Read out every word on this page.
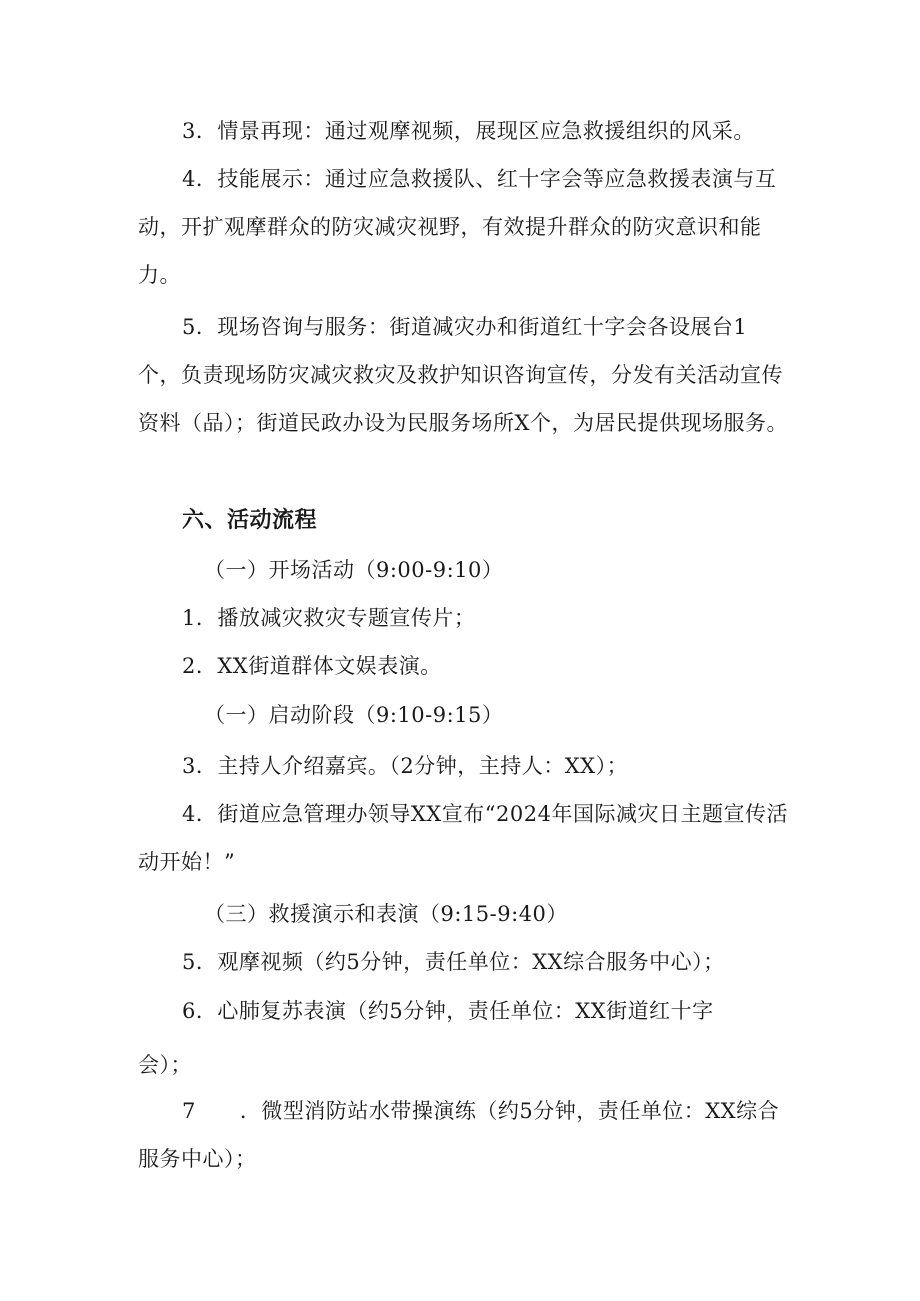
3．情景再现：通过观摩视频，展现区应急救援组织的风采。

4．技能展示：通过应急救援队、红十字会等应急救援表演与互动，开扩观摩群众的防灾减灾视野，有效提升群众的防灾意识和能力。

5．现场咨询与服务：街道减灾办和街道红十字会各设展台1个，负责现场防灾减灾救灾及救护知识咨询宣传，分发有关活动宣传资料（品）；街道民政办设为民服务场所X个，为居民提供现场服务。

六、活动流程

（一）开场活动（9:00-9:10）

1．播放减灾救灾专题宣传片；

2．XX街道群体文娱表演。

（一）启动阶段（9:10-9:15）

3．主持人介绍嘉宾。（2分钟，主持人：XX）；

4．街道应急管理办领导XX宣布“2024年国际减灾日主题宣传活动开始！”

（三）救援演示和表演（9:15-9:40）

5．观摩视频（约5分钟，责任单位：XX综合服务中心）；

6．心肺复苏表演（约5分钟，责任单位：XX街道红十字

会）；

7 ．微型消防站水带操演练（约5分钟，责任单位：XX综合服务中心）；
